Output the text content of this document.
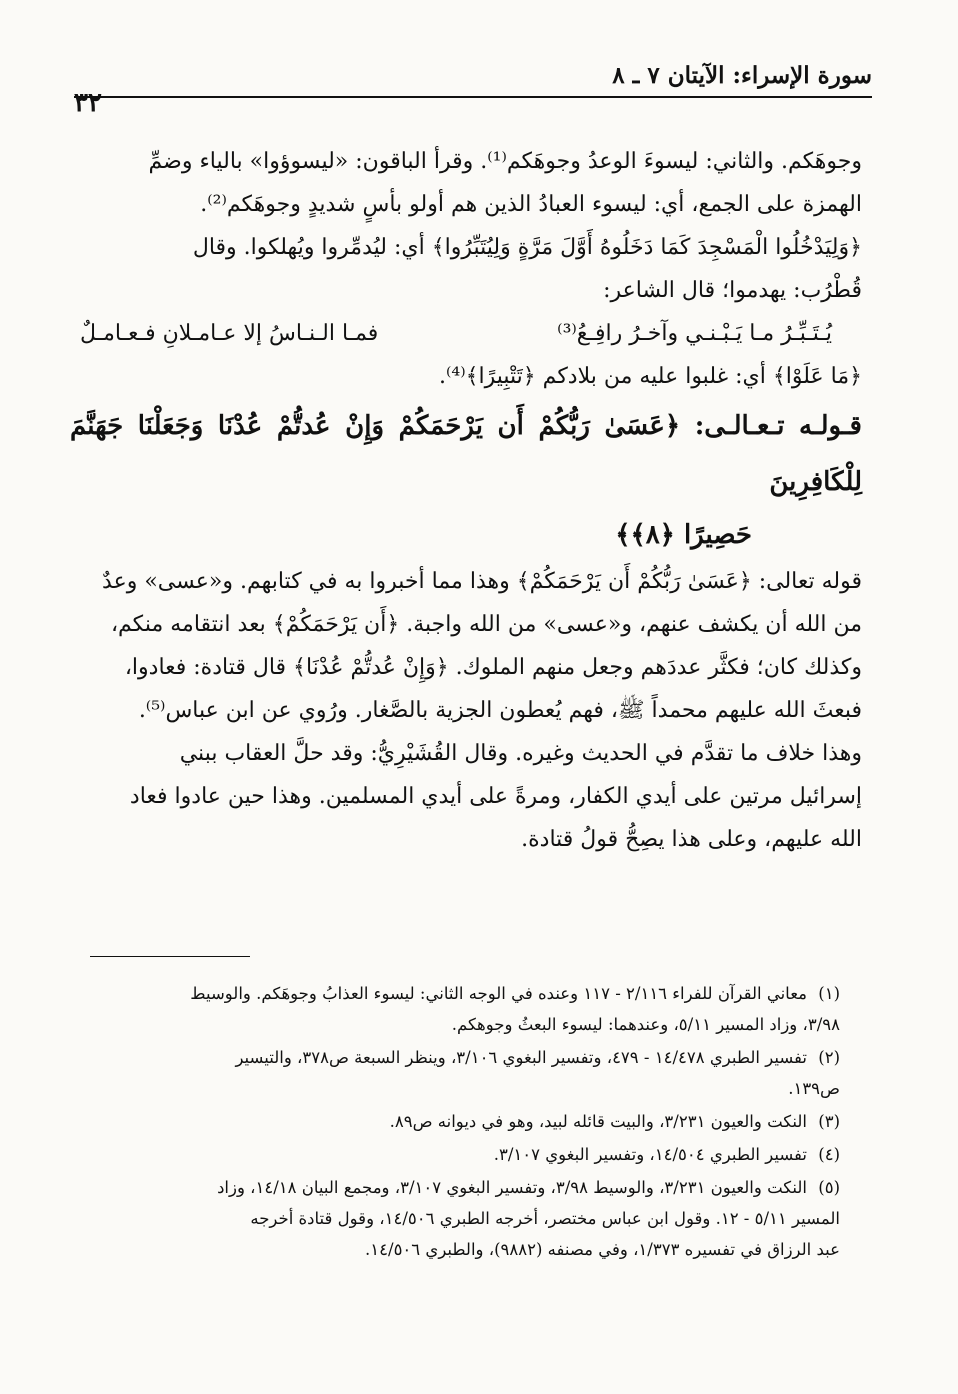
سورة الإسراء: الآيتان ٧ ـ ٨
٣٢

وجوهَكم. والثاني: ليسوءَ الوعدُ وجوهَكم⁽¹⁾. وقرأ الباقون: «ليسوؤوا» بالياء وضمِّ

الهمزة على الجمع، أي: ليسوء العبادُ الذين هم أولو بأسٍ شديدٍ وجوهَكم⁽²⁾.

﴿وَلِيَدْخُلُوا الْمَسْجِدَ كَمَا دَخَلُوهُ أَوَّلَ مَرَّةٍ وَلِيُتَبِّرُوا﴾ أي: ليُدمِّروا ويُهلكوا. وقال

قُطْرُب: يهدموا؛ قال الشاعر:

يُـتَـبِّـرُ مـا يَـبْـنـي وآخـرُ رافِـعُ⁽³⁾
فمـا الـنـاسُ إلا عـامـلانِ فـعـامـلٌ

﴿مَا عَلَوْا﴾ أي: غلبوا عليه من بلادكم ﴿تَتْبِيرًا﴾⁽⁴⁾.

قـولـه تـعـالـى: ﴿عَسَىٰ رَبُّكُمْ أَن يَرْحَمَكُمْ وَإِنْ عُدتُّمْ عُدْنَا وَجَعَلْنَا جَهَنَّمَ لِلْكَافِرِينَ

حَصِيرًا ﴿٨﴾﴾

قوله تعالى: ﴿عَسَىٰ رَبُّكُمْ أَن يَرْحَمَكُمْ﴾ وهذا مما أخبروا به في كتابهم. و«عسى» وعدٌ

من الله أن يكشف عنهم، و«عسى» من الله واجبة. ﴿أَن يَرْحَمَكُمْ﴾ بعد انتقامه منكم،

وكذلك كان؛ فكثَّر عددَهم وجعل منهم الملوك. ﴿وَإِنْ عُدتُّمْ عُدْنَا﴾ قال قتادة: فعادوا،

فبعثَ الله عليهم محمداً ﷺ، فهم يُعطون الجزية بالصَّغار. ورُوي عن ابن عباس⁽⁵⁾.

وهذا خلاف ما تقدَّم في الحديث وغيره. وقال القُشَيْرِيُّ: وقد حلَّ العقاب ببني

إسرائيل مرتين على أيدي الكفار، ومرةً على أيدي المسلمين. وهذا حين عادوا فعاد

الله عليهم، وعلى هذا يصِحُّ قولُ قتادة.

(١) معاني القرآن للفراء ٢/١١٦ - ١١٧ وعنده في الوجه الثاني: ليسوء العذابُ وجوهَكم. والوسيط
٣/٩٨، وزاد المسير ٥/١١، وعندهما: ليسوء البعثُ وجوهكم.

(٢) تفسير الطبري ١٤/٤٧٨ - ٤٧٩، وتفسير البغوي ٣/١٠٦، وينظر السبعة ص٣٧٨، والتيسير
ص١٣٩.

(٣) النكت والعيون ٣/٢٣١، والبيت قائله لبيد، وهو في ديوانه ص٨٩.

(٤) تفسير الطبري ١٤/٥٠٤، وتفسير البغوي ٣/١٠٧.

(٥) النكت والعيون ٣/٢٣١، والوسيط ٣/٩٨، وتفسير البغوي ٣/١٠٧، ومجمع البيان ١٤/١٨، وزاد
المسير ٥/١١ - ١٢. وقول ابن عباس مختصر، أخرجه الطبري ١٤/٥٠٦، وقول قتادة أخرجه
عبد الرزاق في تفسيره ١/٣٧٣، وفي مصنفه (٩٨٨٢)، والطبري ١٤/٥٠٦.
